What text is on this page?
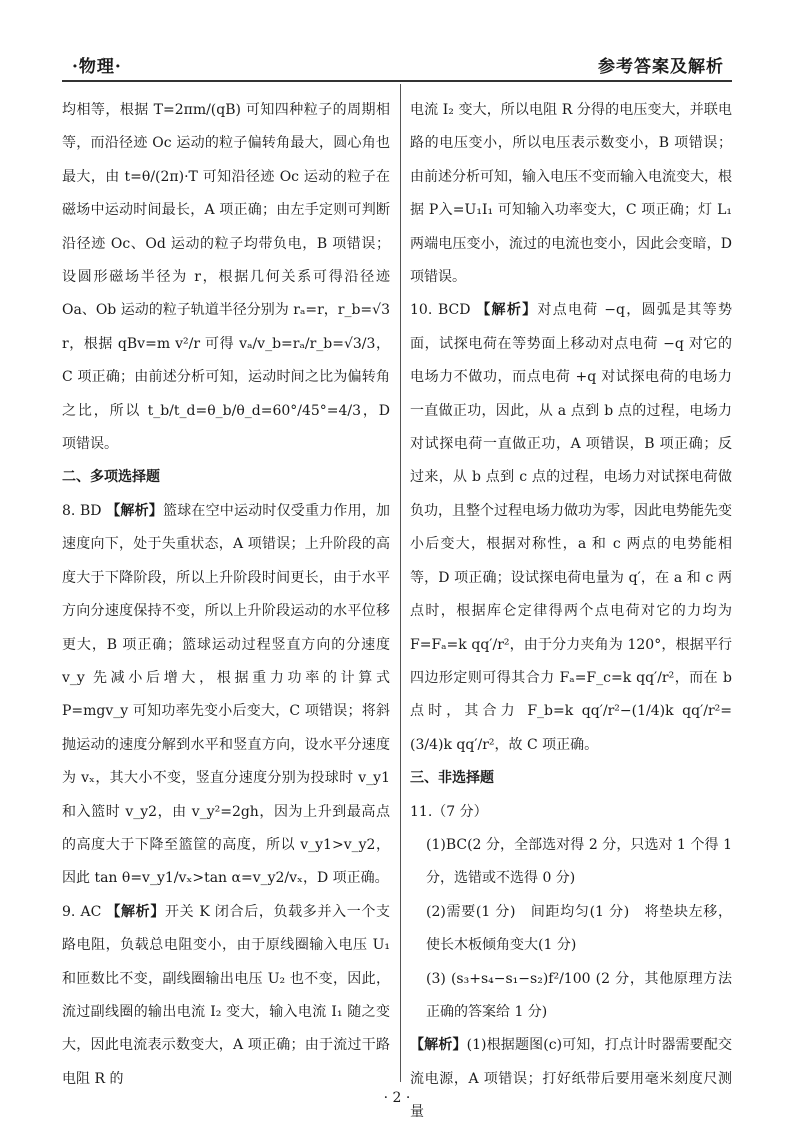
·物理·	参考答案及解析

均相等，根据 T=2πm/(qB) 可知四种粒子的周期相等，而沿径迹 Oc 运动的粒子偏转角最大，圆心角也最大，由 t=θ/(2π)·T 可知沿径迹 Oc 运动的粒子在磁场中运动时间最长，A 项正确；由左手定则可判断沿径迹 Oc、Od 运动的粒子均带负电，B 项错误；设圆形磁场半径为 r，根据几何关系可得沿径迹 Oa、Ob 运动的粒子轨道半径分别为 rₐ=r，r_b=√3 r，根据 qBv=m v²/r 可得 vₐ/v_b=rₐ/r_b=√3/3，C 项正确；由前述分析可知，运动时间之比为偏转角之比，所以 t_b/t_d=θ_b/θ_d=60°/45°=4/3，D 项错误。

二、多项选择题

8. BD 【解析】篮球在空中运动时仅受重力作用，加速度向下，处于失重状态，A 项错误；上升阶段的高度大于下降阶段，所以上升阶段时间更长，由于水平方向分速度保持不变，所以上升阶段运动的水平位移更大，B 项正确；篮球运动过程竖直方向的分速度 v_y 先减小后增大，根据重力功率的计算式 P=mgv_y 可知功率先变小后变大，C 项错误；将斜抛运动的速度分解到水平和竖直方向，设水平分速度为 vₓ，其大小不变，竖直分速度分别为投球时 v_y1 和入篮时 v_y2，由 v_y²=2gh，因为上升到最高点的高度大于下降至篮筐的高度，所以 v_y1>v_y2，因此 tan θ=v_y1/vₓ>tan α=v_y2/vₓ，D 项正确。

9. AC 【解析】开关 K 闭合后，负载多并入一个支路电阻，负载总电阻变小，由于原线圈输入电压 U₁ 和匝数比不变，副线圈输出电压 U₂ 也不变，因此，流过副线圈的输出电流 I₂ 变大，输入电流 I₁ 随之变大，因此电流表示数变大，A 项正确；由于流过干路电阻 R 的

电流 I₂ 变大，所以电阻 R 分得的电压变大，并联电路的电压变小，所以电压表示数变小，B 项错误；由前述分析可知，输入电压不变而输入电流变大，根据 P入=U₁I₁ 可知输入功率变大，C 项正确；灯 L₁ 两端电压变小，流过的电流也变小，因此会变暗，D 项错误。

10. BCD 【解析】对点电荷 −q，圆弧是其等势面，试探电荷在等势面上移动对点电荷 −q 对它的电场力不做功，而点电荷 +q 对试探电荷的电场力一直做正功，因此，从 a 点到 b 点的过程，电场力对试探电荷一直做正功，A 项错误，B 项正确；反过来，从 b 点到 c 点的过程，电场力对试探电荷做负功，且整个过程电场力做功为零，因此电势能先变小后变大，根据对称性，a 和 c 两点的电势能相等，D 项正确；设试探电荷电量为 q′，在 a 和 c 两点时，根据库仑定律得两个点电荷对它的力均为 F=Fₐ=k qq′/r²，由于分力夹角为 120°，根据平行四边形定则可得其合力 Fₐ=F_c=k qq′/r²，而在 b 点时，其合力 F_b=k qq′/r²−(1/4)k qq′/r²=(3/4)k qq′/r²，故 C 项正确。

三、非选择题

11.（7 分）

(1)BC(2 分，全部选对得 2 分，只选对 1 个得 1 分，选错或不选得 0 分)

(2)需要(1 分)　间距均匀(1 分)　将垫块左移，使长木板倾角变大(1 分)

(3) (s₃+s₄−s₁−s₂)f²/100 (2 分，其他原理方法正确的答案给 1 分)

【解析】(1)根据题图(c)可知，打点计时器需要配交流电源，A 项错误；打好纸带后要用毫米刻度尺测量

· 2 ·
